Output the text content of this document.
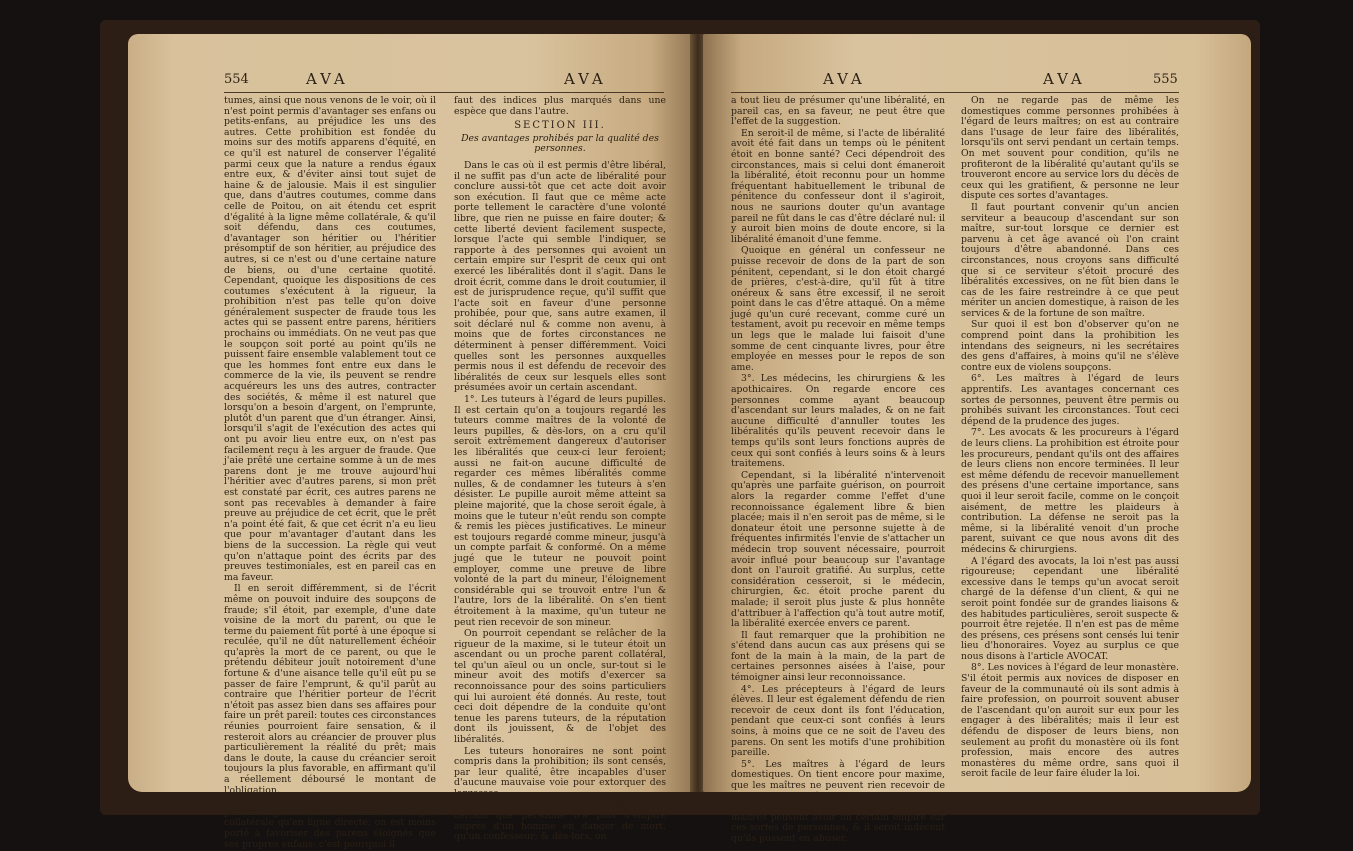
554	AVA	AVA

tumes, ainsi que nous venons de le voir, où il n'est point permis d'avantager ses enfans ou petits-enfans, au préjudice les uns des autres. Cette prohibition est fondée du moins sur des motifs apparens d'équité, en ce qu'il est naturel de conserver l'égalité parmi ceux que la nature a rendus égaux entre eux, & d'éviter ainsi tout sujet de haine & de jalousie. Mais il est singulier que, dans d'autres coutumes, comme dans celle de Poitou, on ait étendu cet esprit d'égalité à la ligne même collatérale, & qu'il soit défendu, dans ces coutumes, d'avantager son héritier ou l'héritier présomptif de son héritier, au préjudice des autres, si ce n'est ou d'une certaine nature de biens, ou d'une certaine quotité. Cependant, quoique les dispositions de ces coutumes s'exécutent à la rigueur, la prohibition n'est pas telle qu'on doive généralement suspecter de fraude tous les actes qui se passent entre parens, héritiers prochains ou immédiats. On ne veut pas que le soupçon soit porté au point qu'ils ne puissent faire ensemble valablement tout ce que les hommes font entre eux dans le commerce de la vie, ils peuvent se rendre acquéreurs les uns des autres, contracter des sociétés, & même il est naturel que lorsqu'on a besoin d'argent, on l'emprunte, plutôt d'un parent que d'un étranger. Ainsi, lorsqu'il s'agit de l'exécution des actes qui ont pu avoir lieu entre eux, on n'est pas facilement reçu à les arguer de fraude. Que j'aie prêté une certaine somme à un de mes parens dont je me trouve aujourd'hui l'héritier avec d'autres parens, si mon prêt est constaté par écrit, ces autres parens ne sont pas recevables à demander à faire preuve au préjudice de cet écrit, que le prêt n'a point été fait, & que cet écrit n'a eu lieu que pour m'avantager d'autant dans les biens de la succession. La règle qui veut qu'on n'attaque point des écrits par des preuves testimoniales, est en pareil cas en ma faveur.

Il en seroit différemment, si de l'écrit même on pouvoit induire des soupçons de fraude; s'il étoit, par exemple, d'une date voisine de la mort du parent, ou que le terme du paiement fût porté à une époque si reculée, qu'il ne dût naturellement échéoir qu'après la mort de ce parent, ou que le prétendu débiteur jouît notoirement d'une fortune & d'une aisance telle qu'il eût pu se passer de faire l'emprunt, & qu'il parût au contraire que l'héritier porteur de l'écrit n'étoit pas assez bien dans ses affaires pour faire un prêt pareil: toutes ces circonstances réunies pourroient faire sensation, & il resteroit alors au créancier de prouver plus particulièrement la réalité du prêt; mais dans le doute, la cause du créancier seroit toujours la plus favorable, en affirmant qu'il a réellement déboursé le montant de l'obligation.

Il faut observer que la fraude ne se présume pas aussi facilement en ligne collatérale qu'en ligne directe; on est moins porté à favoriser des parens éloignés que ses propres enfans: c'est pourquoi il

faut des indices plus marqués dans une espèce que dans l'autre.

SECTION III.

Des avantages prohibés par la qualité des personnes.

Dans le cas où il est permis d'être libéral, il ne suffit pas d'un acte de libéralité pour conclure aussi-tôt que cet acte doit avoir son exécution. Il faut que ce même acte porte tellement le caractère d'une volonté libre, que rien ne puisse en faire douter; & cette liberté devient facilement suspecte, lorsque l'acte qui semble l'indiquer, se rapporte à des personnes qui avoient un certain empire sur l'esprit de ceux qui ont exercé les libéralités dont il s'agit. Dans le droit écrit, comme dans le droit coutumier, il est de jurisprudence reçue, qu'il suffit que l'acte soit en faveur d'une personne prohibée, pour que, sans autre examen, il soit déclaré nul & comme non avenu, à moins que de fortes circonstances ne déterminent à penser différemment. Voici quelles sont les personnes auxquelles permis nous il est défendu de recevoir des libéralités de ceux sur lesquels elles sont présumées avoir un certain ascendant.

1°. Les tuteurs à l'égard de leurs pupilles. Il est certain qu'on a toujours regardé les tuteurs comme maîtres de la volonté de leurs pupilles, & dès-lors, on a cru qu'il seroit extrêmement dangereux d'autoriser les libéralités que ceux-ci leur feroient; aussi ne fait-on aucune difficulté de regarder ces mêmes libéralités comme nulles, & de condamner les tuteurs à s'en désister. Le pupille auroit même atteint sa pleine majorité, que la chose seroit égale, à moins que le tuteur n'eût rendu son compte & remis les pièces justificatives. Le mineur est toujours regardé comme mineur, jusqu'à un compte parfait & conformé. On a même jugé que le tuteur ne pouvoit point employer, comme une preuve de libre volonté de la part du mineur, l'éloignement considérable qui se trouvoit entre l'un & l'autre, lors de la libéralité. On s'en tient étroitement à la maxime, qu'un tuteur ne peut rien recevoir de son mineur.

On pourroit cependant se relâcher de la rigueur de la maxime, si le tuteur étoit un ascendant ou un proche parent collatéral, tel qu'un aïeul ou un oncle, sur-tout si le mineur avoit des motifs d'exercer sa reconnoissance pour des soins particuliers qui lui auroient été donnés. Au reste, tout ceci doit dépendre de la conduite qu'ont tenue les parens tuteurs, de la réputation dont ils jouissent, & de l'objet des libéralités.

Les tuteurs honoraires ne sont point compris dans la prohibition; ils sont censés, par leur qualité, être incapables d'user d'aucune mauvaise voie pour extorquer des largesses.

2°. Les confesseurs des malades. Il est certain que personne n'a plus d'empire auprès d'un homme en danger de mort, qu'un confesseur; & dès-lors, on

AVA	AVA	555

a tout lieu de présumer qu'une libéralité, en pareil cas, en sa faveur, ne peut être que l'effet de la suggestion.

En seroit-il de même, si l'acte de libéralité avoit été fait dans un temps où le pénitent étoit en bonne santé? Ceci dépendroit des circonstances, mais si celui dont émaneroit la libéralité, étoit reconnu pour un homme fréquentant habituellement le tribunal de pénitence du confesseur dont il s'agiroit, nous ne saurions douter qu'un avantage pareil ne fût dans le cas d'être déclaré nul: il y auroit bien moins de doute encore, si la libéralité émanoit d'une femme.

Quoique en général un confesseur ne puisse recevoir de dons de la part de son pénitent, cependant, si le don étoit chargé de prières, c'est-à-dire, qu'il fût à titre onéreux & sans être excessif, il ne seroit point dans le cas d'être attaqué. On a même jugé qu'un curé recevant, comme curé un testament, avoit pu recevoir en même temps un legs que le malade lui faisoit d'une somme de cent cinquante livres, pour être employée en messes pour le repos de son ame.

3°. Les médecins, les chirurgiens & les apothicaires. On regarde encore ces personnes comme ayant beaucoup d'ascendant sur leurs malades, & on ne fait aucune difficulté d'annuller toutes les libéralités qu'ils peuvent recevoir dans le temps qu'ils sont leurs fonctions auprès de ceux qui sont confiés à leurs soins & à leurs traitemens.

Cependant, si la libéralité n'intervenoit qu'après une parfaite guérison, on pourroit alors la regarder comme l'effet d'une reconnoissance également libre & bien placée; mais il n'en seroit pas de même, si le donateur étoit une personne sujette à de fréquentes infirmités l'envie de s'attacher un médecin trop souvent nécessaire, pourroit avoir influé pour beaucoup sur l'avantage dont on l'auroit gratifié. Au surplus, cette considération cesseroit, si le médecin, chirurgien, &c. étoit proche parent du malade; il seroit plus juste & plus honnête d'attribuer à l'affection qu'à tout autre motif, la libéralité exercée envers ce parent.

Il faut remarquer que la prohibition ne s'étend dans aucun cas aux présens qui se font de la main à la main, de la part de certaines personnes aisées à l'aise, pour témoigner ainsi leur reconnoissance.

4°. Les précepteurs à l'égard de leurs élèves. Il leur est également défendu de rien recevoir de ceux dont ils font l'éducation, pendant que ceux-ci sont confiés à leurs soins, à moins que ce ne soit de l'aveu des parens. On sent les motifs d'une prohibition pareille.

5°. Les maîtres à l'égard de leurs domestiques. On tient encore pour maxime, que les maîtres ne peuvent rien recevoir de ceux qui sont à leur service, & cette prohibition est également sage; car enfin, les maîtres peuvent avoir un certain empire sur ces sortes de personnes, & il seroit indécent qu'ils pussent en abuser.

On ne regarde pas de même les domestiques comme personnes prohibées à l'égard de leurs maîtres; on est au contraire dans l'usage de leur faire des libéralités, lorsqu'ils ont servi pendant un certain temps. On met souvent pour condition, qu'ils ne profiteront de la libéralité qu'autant qu'ils se trouveront encore au service lors du décès de ceux qui les gratifient, & personne ne leur dispute ces sortes d'avantages.

Il faut pourtant convenir qu'un ancien serviteur a beaucoup d'ascendant sur son maître, sur-tout lorsque ce dernier est parvenu à cet âge avancé où l'on craint toujours d'être abandonné. Dans ces circonstances, nous croyons sans difficulté que si ce serviteur s'étoit procuré des libéralités excessives, on ne fût bien dans le cas de les faire restreindre à ce que peut mériter un ancien domestique, à raison de les services & de la fortune de son maître.

Sur quoi il est bon d'observer qu'on ne comprend point dans la prohibition les intendans des seigneurs, ni les secrétaires des gens d'affaires, à moins qu'il ne s'élève contre eux de violens soupçons.

6°. Les maîtres à l'égard de leurs apprentifs. Les avantages concernant ces sortes de personnes, peuvent être permis ou prohibés suivant les circonstances. Tout ceci dépend de la prudence des juges.

7°. Les avocats & les procureurs à l'égard de leurs cliens. La prohibition est étroite pour les procureurs, pendant qu'ils ont des affaires de leurs cliens non encore terminées. Il leur est même défendu de recevoir manuellement des présens d'une certaine importance, sans quoi il leur seroit facile, comme on le conçoit aisément, de mettre les plaideurs à contribution. La défense ne seroit pas la même, si la libéralité venoit d'un proche parent, suivant ce que nous avons dit des médecins & chirurgiens.

A l'égard des avocats, la loi n'est pas aussi rigoureuse; cependant une libéralité excessive dans le temps qu'un avocat seroit chargé de la défense d'un client, & qui ne seroit point fondée sur de grandes liaisons & des habitudes particulières, seroit suspecte & pourroit être rejetée. Il n'en est pas de même des présens, ces présens sont censés lui tenir lieu d'honoraires. Voyez au surplus ce que nous disons à l'article AVOCAT.

8°. Les novices à l'égard de leur monastère. S'il étoit permis aux novices de disposer en faveur de la communauté où ils sont admis à faire profession, on pourroit souvent abuser de l'ascendant qu'on auroit sur eux pour les engager à des libéralités; mais il leur est défendu de disposer de leurs biens, non seulement au profit du monastère où ils font profession, mais encore des autres monastères du même ordre, sans quoi il seroit facile de leur faire éluder la loi.
